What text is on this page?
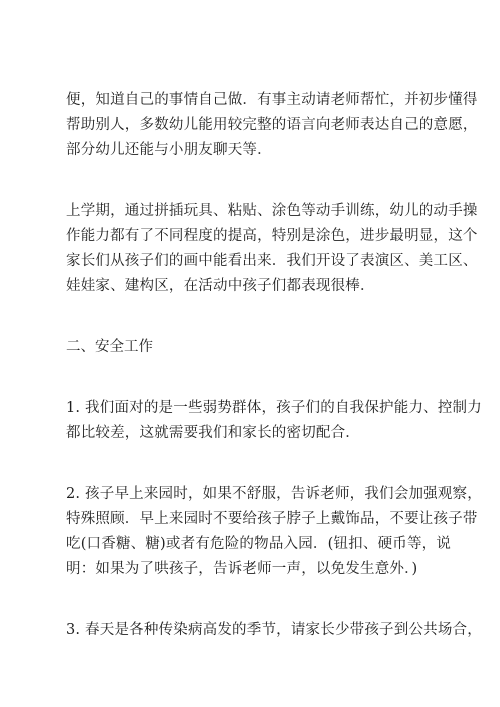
便，知道自己的事情自己做．有事主动请老师帮忙，并初步懂得
帮助别人，多数幼儿能用较完整的语言向老师表达自己的意愿，
部分幼儿还能与小朋友聊天等．
上学期，通过拼插玩具、粘贴、涂色等动手训练，幼儿的动手操
作能力都有了不同程度的提高，特别是涂色，进步最明显，这个
家长们从孩子们的画中能看出来．我们开设了表演区、美工区、
娃娃家、建构区，在活动中孩子们都表现很棒．
二、安全工作
1. 我们面对的是一些弱势群体，孩子们的自我保护能力、控制力
都比较差，这就需要我们和家长的密切配合．
2. 孩子早上来园时，如果不舒服，告诉老师，我们会加强观察，
特殊照顾．早上来园时不要给孩子脖子上戴饰品，不要让孩子带
吃(口香糖、糖)或者有危险的物品入园．(钮扣、硬币等，说
明：如果为了哄孩子，告诉老师一声，以免发生意外．)
3. 春天是各种传染病高发的季节，请家长少带孩子到公共场合，
